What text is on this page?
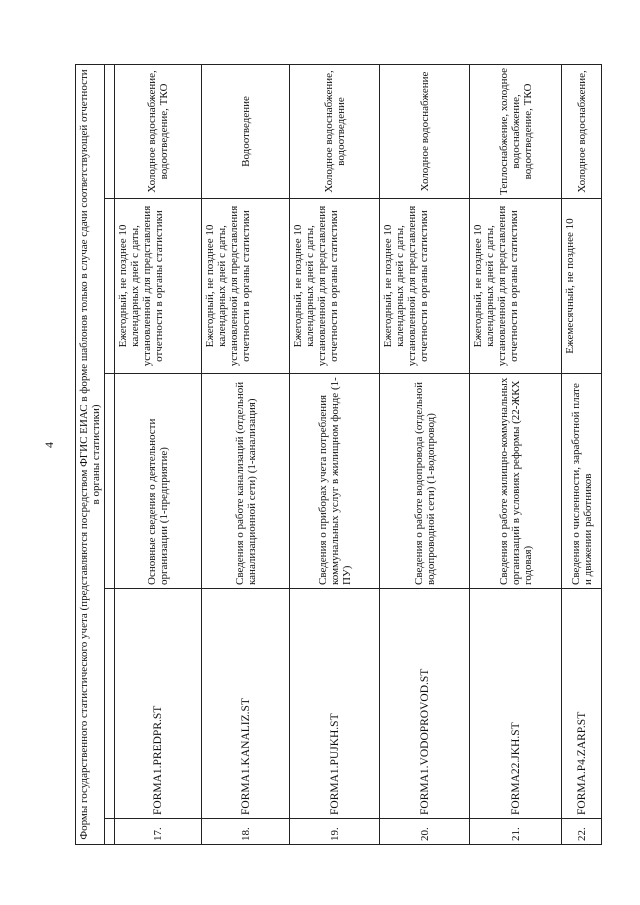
4 Формы государственного статистического учета (представляются посредством ФГИС ЕИАС в форме шаблонов только в случае сдачи соответствующей отчетности в органы статистики)				

17.	FORMA1.PREDPR.ST	Основные сведения о деятельности организации (1-предприятие)	Ежегодный, не позднее 10 календарных дней с даты, установленной для представления отчетности в органы статистики	Холодное водоснабжение, водоотведение, ТКО
18.	FORMA1.KANALIZ.ST	Сведения о работе канализаций (отдельной канализационной сети) (1-канализация)	Ежегодный, не позднее 10 календарных дней с даты, установленной для представления отчетности в органы статистики	Водоотведение
19.	FORMA1.PUJKH.ST	Сведения о приборах учета потребления коммунальных услуг в жилищном фонде (1-ПУ)	Ежегодный, не позднее 10 календарных дней с даты, установленной для представления отчетности в органы статистики	Холодное водоснабжение, водоотведение
20.	FORMA1.VODOPROVOD.ST	Сведения о работе водопровода (отдельной водопроводной сети) (1-водопровод)	Ежегодный, не позднее 10 календарных дней с даты, установленной для представления отчетности в органы статистики	Холодное водоснабжение
21.	FORMA22.JKH.ST	Сведения о работе жилищно-коммунальных организаций в условиях реформы (22-ЖКХ годовая)	Ежегодный, не позднее 10 календарных дней с даты, установленной для представления отчетности в органы статистики	Теплоснабжение, холодное водоснабжение, водоотведение, ТКО
22.	FORMA.P4.ZARP.ST	Сведения о численности, заработной плате и движении работников	Ежемесячный, не позднее 10	Холодное водоснабжение,
